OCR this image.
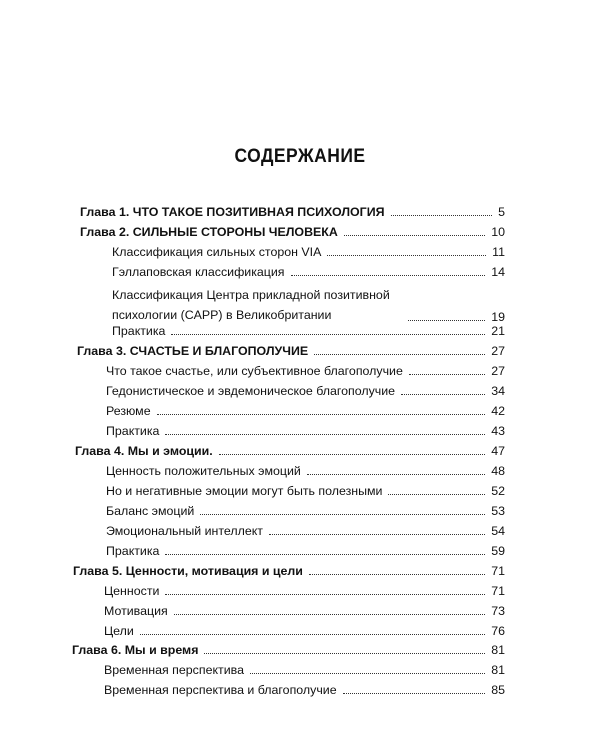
СОДЕРЖАНИЕ
Глава 1. ЧТО ТАКОЕ ПОЗИТИВНАЯ ПСИХОЛОГИЯ	5
Глава 2. СИЛЬНЫЕ СТОРОНЫ ЧЕЛОВЕКА	10
Классификация сильных сторон VIA	11
Гэллаповская классификация	14
Классификация Центра прикладной позитивной психологии (CAPP) в Великобритании	19
Практика	21
Глава 3. СЧАСТЬЕ И БЛАГОПОЛУЧИЕ	27
Что такое счастье, или субъективное благополучие	27
Гедонистическое и эвдемоническое благополучие	34
Резюме	42
Практика	43
Глава 4. Мы и эмоции.	47
Ценность положительных эмоций	48
Но и негативные эмоции могут быть полезными	52
Баланс эмоций	53
Эмоциональный интеллект	54
Практика	59
Глава 5. Ценности, мотивация и цели	71
Ценности	71
Мотивация	73
Цели	76
Глава 6. Мы и время	81
Временная перспектива	81
Временная перспектива и благополучие	85
